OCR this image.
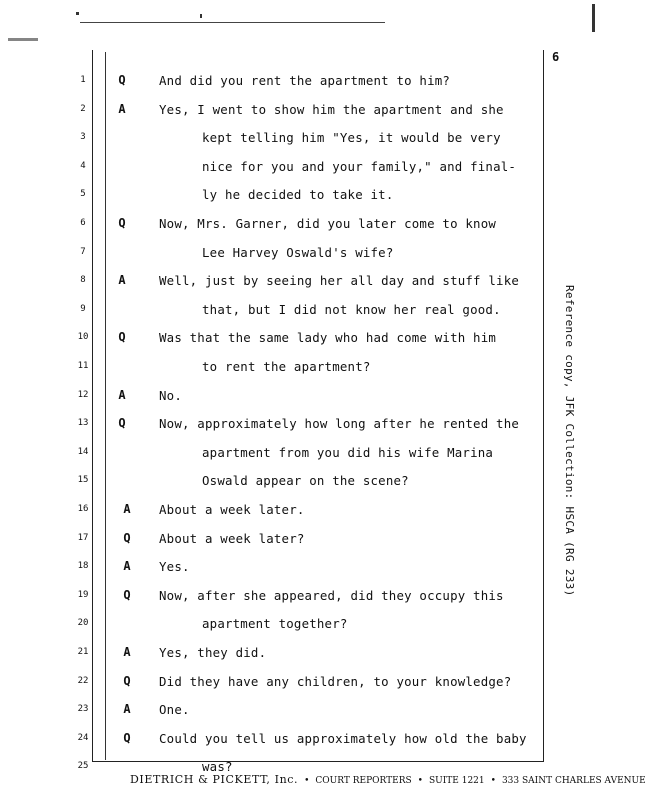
6
1	Q	And did you rent the apartment to him?
2	A	Yes, I went to show him the apartment and she
3	kept telling him "Yes, it would be very
4	nice for you and your family," and final-
5	ly he decided to take it.
6	Q	Now, Mrs. Garner, did you later come to know
7	Lee Harvey Oswald's wife?
8	A	Well, just by seeing her all day and stuff like
9	that, but I did not know her real good.
10 Q	Was that the same lady who had come with him
11	to rent the apartment?
12 A	No.
13 Q	Now, approximately how long after he rented the
14	apartment from you did his wife Marina
15	Oswald appear on the scene?
16	A About a week later.
17	Q About a week later?
18	A Yes.
19	Q Now, after she appeared, did they occupy this
20	apartment together?
21	A Yes, they did.
22	Q Did they have any children, to your knowledge?
23	A One.
24	Q Could you tell us approximately how old the baby
25	was?
Reference copy, JFK Collection: HSCA (RG 233)
DIETRICH & PICKETT, Inc. • COURT REPORTERS • SUITE 1221 • 333 SAINT CHARLES AVENUE
